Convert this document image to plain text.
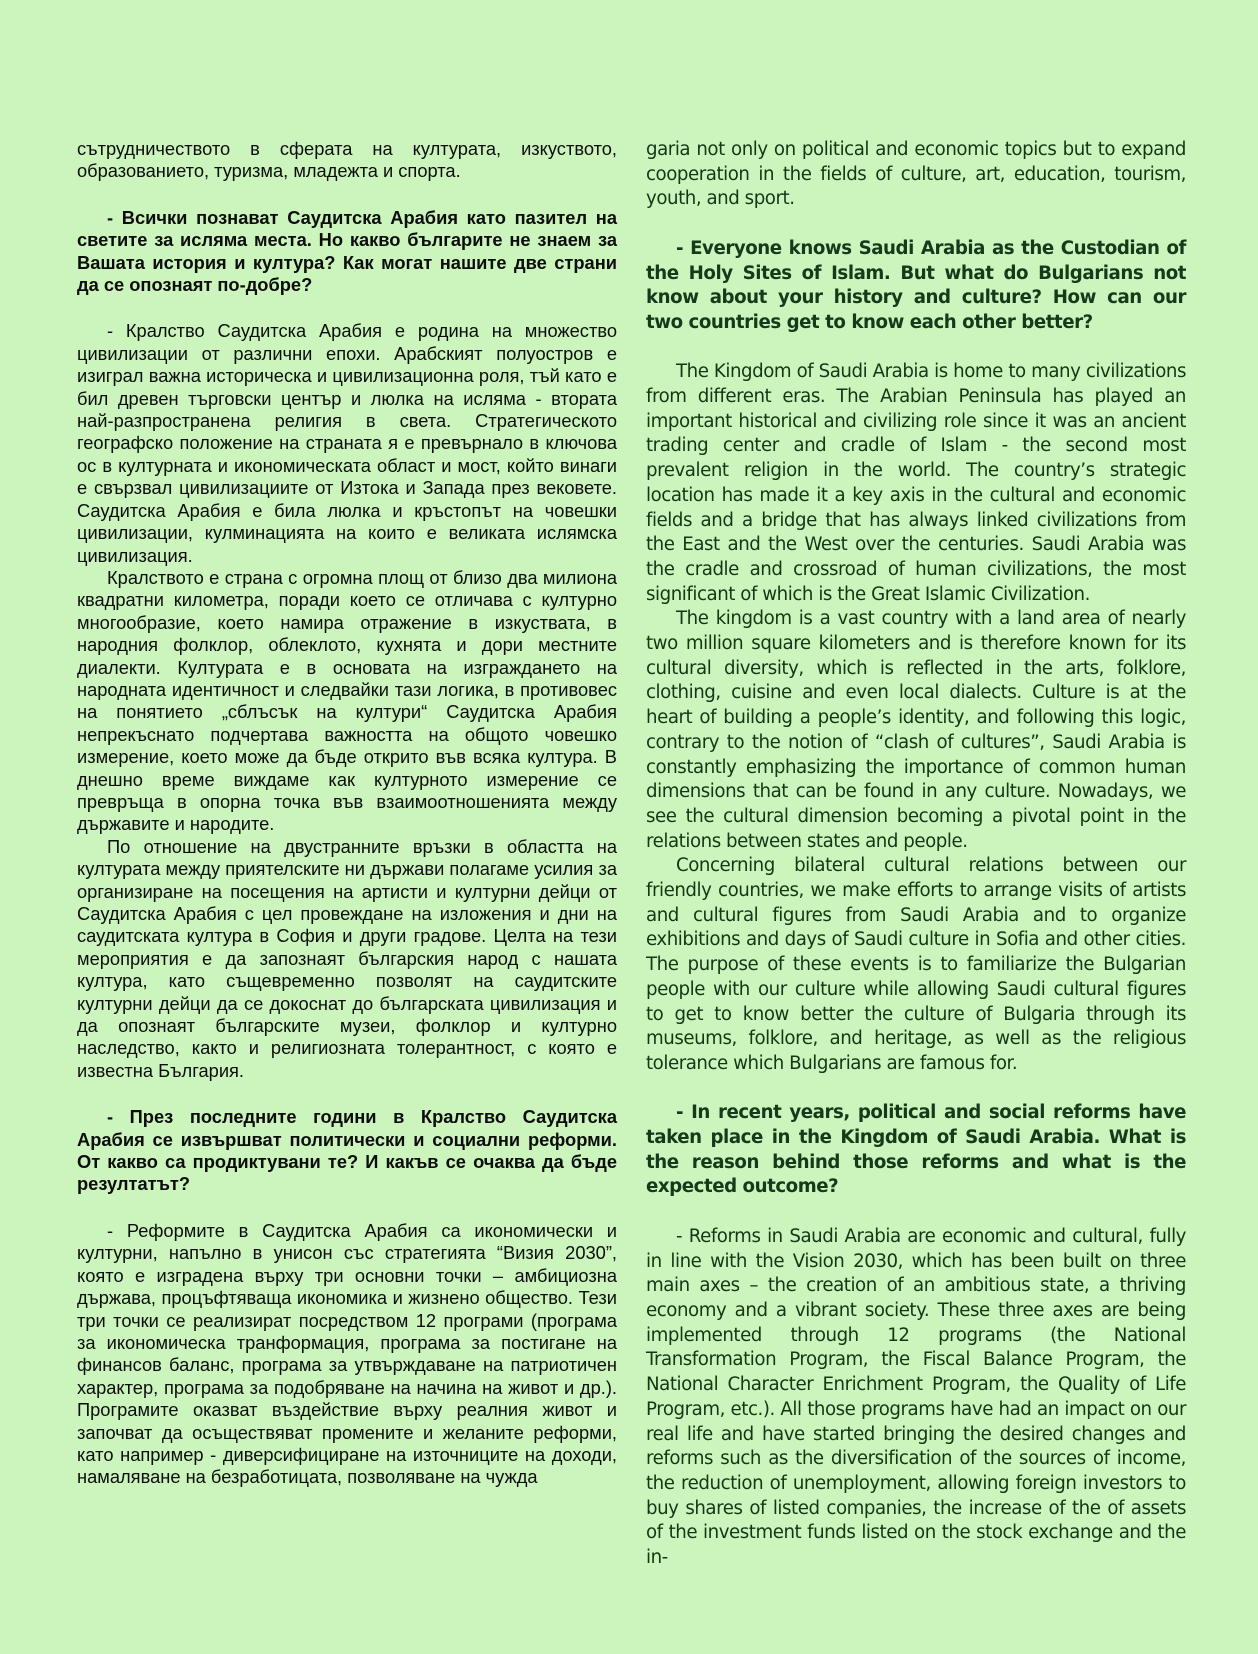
сътрудничеството в сферата на културата, изкуството, образованието, туризма, младежта и спорта.

- Всички познават Саудитска Арабия като пазител на светите за исляма места. Но какво българите не знаем за Вашата история и култура? Как могат нашите две страни да се опознаят по-добре?

- Кралство Саудитска Арабия е родина на множество цивилизации от различни епохи. Арабският полуостров е изиграл важна историческа и цивилизационна роля, тъй като е бил древен търговски център и люлка на исляма - втората най-разпространена религия в света. Стратегическото географско положение на страната я е превърнало в ключова ос в културната и икономическата област и мост, който винаги е свързвал цивилизациите от Изтока и Запада през вековете. Саудитска Арабия е била люлка и кръстопът на човешки цивилизации, кулминацията на които е великата ислямска цивилизация.

Кралството е страна с огромна площ от близо два милиона квадратни километра, поради което се отличава с културно многообразие, което намира отражение в изкуствата, в народния фолклор, облеклото, кухнята и дори местните диалекти. Културата е в основата на изграждането на народната идентичност и следвайки тази логика, в противовес на понятието „сблъсък на култури“ Саудитска Арабия непрекъснато подчертава важността на общото човешко измерение, което може да бъде открито във всяка култура. В днешно време виждаме как културното измерение се превръща в опорна точка във взаимоотношенията между държавите и народите.

По отношение на двустранните връзки в областта на културата между приятелските ни държави полагаме усилия за организиране на посещения на артисти и културни дейци от Саудитска Арабия с цел провеждане на изложения и дни на саудитската култура в София и други градове. Целта на тези мероприятия е да запознаят българския народ с нашата култура, като същевременно позволят на саудитските културни дейци да се докоснат до българската цивилизация и да опознаят българските музеи, фолклор и културно наследство, както и религиозната толерантност, с която е известна България.

- През последните години в Кралство Саудитска Арабия се извършват политически и социални реформи. От какво са продиктувани те? И какъв се очаква да бъде резултатът?

- Реформите в Саудитска Арабия са икономически и културни, напълно в унисон със стратегията “Визия 2030”, която е изградена върху три основни точки – амбициозна държава, процъфтяваща икономика и жизнено общество. Тези три точки се реализират посредством 12 програми (програма за икономическа транформация, програма за постигане на финансов баланс, програма за утвърждаване на патриотичен характер, програма за подобряване на начина на живот и др.). Програмите оказват въздействие върху реалния живот и започват да осъществяват промените и желаните реформи, като например - диверсифициране на източниците на доходи, намаляване на безработицата, позволяване на чужда

garia not only on political and economic topics but to expand cooperation in the fields of culture, art, education, tourism, youth, and sport.

- Everyone knows Saudi Arabia as the Custodian of the Holy Sites of Islam. But what do Bulgarians not know about your history and culture? How can our two countries get to know each other better?

The Kingdom of Saudi Arabia is home to many civilizations from different eras. The Arabian Peninsula has played an important historical and civilizing role since it was an ancient trading center and cradle of Islam - the second most prevalent religion in the world. The country’s strategic location has made it a key axis in the cultural and economic fields and a bridge that has always linked civilizations from the East and the West over the centuries. Saudi Arabia was the cradle and crossroad of human civilizations, the most significant of which is the Great Islamic Civilization.

The kingdom is a vast country with a land area of nearly two million square kilometers and is therefore known for its cultural diversity, which is reflected in the arts, folklore, clothing, cuisine and even local dialects. Culture is at the heart of building a people’s identity, and following this logic, contrary to the notion of “clash of cultures”, Saudi Arabia is constantly emphasizing the importance of common human dimensions that can be found in any culture. Nowadays, we see the cultural dimension becoming a pivotal point in the relations between states and people.

Concerning bilateral cultural relations between our friendly countries, we make efforts to arrange visits of artists and cultural figures from Saudi Arabia and to organize exhibitions and days of Saudi culture in Sofia and other cities. The purpose of these events is to familiarize the Bulgarian people with our culture while allowing Saudi cultural figures to get to know better the culture of Bulgaria through its museums, folklore, and heritage, as well as the religious tolerance which Bulgarians are famous for.

- In recent years, political and social reforms have taken place in the Kingdom of Saudi Arabia. What is the reason behind those reforms and what is the expected outcome?

- Reforms in Saudi Arabia are economic and cultural, fully in line with the Vision 2030, which has been built on three main axes – the creation of an ambitious state, a thriving economy and a vibrant society. These three axes are being implemented through 12 programs (the National Transformation Program, the Fiscal Balance Program, the National Character Enrichment Program, the Quality of Life Program, etc.). All those programs have had an impact on our real life and have started bringing the desired changes and reforms such as the diversification of the sources of income, the reduction of unemployment, allowing foreign investors to buy shares of listed companies, the increase of the of assets of the investment funds listed on the stock exchange and the in-
